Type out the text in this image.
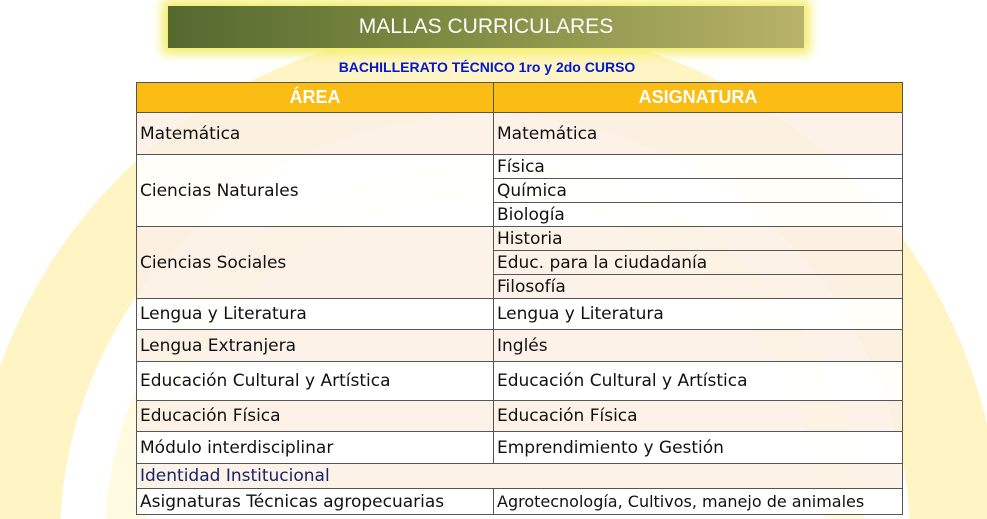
MALLAS CURRICULARES
BACHILLERATO TÉCNICO 1ro y 2do CURSO
ÁREA	ASIGNATURA
Matemática	Matemática
Ciencias Naturales	Física
	Química
	Biología
Ciencias Sociales	Historia
	Educ. para la ciudadanía
	Filosofía
Lengua y Literatura	Lengua y Literatura
Lengua Extranjera	Inglés
Educación Cultural y Artística	Educación Cultural y Artística
Educación Física	Educación Física
Módulo interdisciplinar	Emprendimiento y Gestión
Identidad Institucional	
Asignaturas Técnicas agropecuarias	Agrotecnología, Cultivos, manejo de animales
